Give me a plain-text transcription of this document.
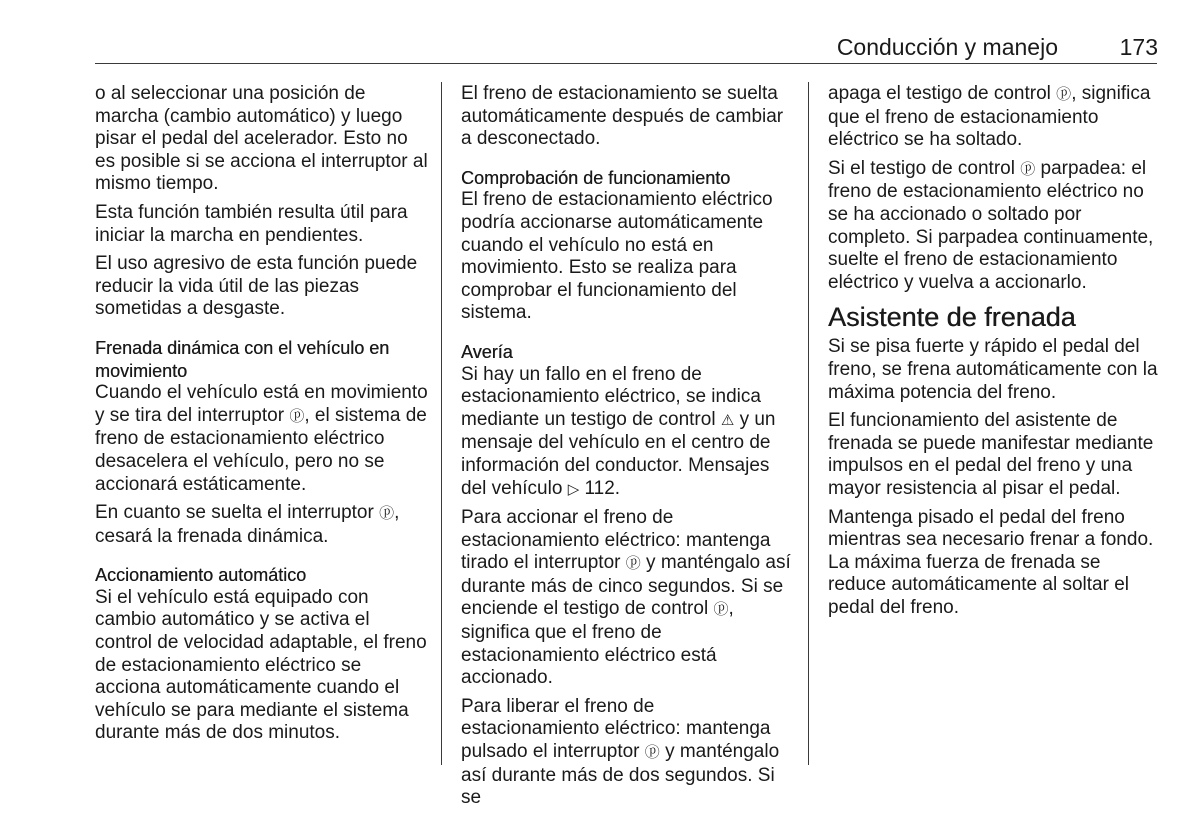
Conducción y manejo	173

o al seleccionar una posición de marcha (cambio automático) y luego pisar el pedal del acelerador. Esto no es posible si se acciona el interruptor al mismo tiempo.

Esta función también resulta útil para iniciar la marcha en pendientes.

El uso agresivo de esta función puede reducir la vida útil de las piezas sometidas a desgaste.

Frenada dinámica con el vehículo en movimiento

Cuando el vehículo está en movimiento y se tira del interruptor ⓟ, el sistema de freno de estacionamiento eléctrico desacelera el vehículo, pero no se accionará estáticamente.

En cuanto se suelta el interruptor ⓟ, cesará la frenada dinámica.

Accionamiento automático

Si el vehículo está equipado con cambio automático y se activa el control de velocidad adaptable, el freno de estacionamiento eléctrico se acciona automáticamente cuando el vehículo se para mediante el sistema durante más de dos minutos.

El freno de estacionamiento se suelta automáticamente después de cambiar a desconectado.

Comprobación de funcionamiento

El freno de estacionamiento eléctrico podría accionarse automáticamente cuando el vehículo no está en movimiento. Esto se realiza para comprobar el funcionamiento del sistema.

Avería

Si hay un fallo en el freno de estacionamiento eléctrico, se indica mediante un testigo de control ⚠ y un mensaje del vehículo en el centro de información del conductor. Mensajes del vehículo ▷ 112.

Para accionar el freno de estacionamiento eléctrico: mantenga tirado el interruptor ⓟ y manténgalo así durante más de cinco segundos. Si se enciende el testigo de control ⓟ, significa que el freno de estacionamiento eléctrico está accionado.

Para liberar el freno de estacionamiento eléctrico: mantenga pulsado el interruptor ⓟ y manténgalo así durante más de dos segundos. Si se

apaga el testigo de control ⓟ, significa que el freno de estacionamiento eléctrico se ha soltado.

Si el testigo de control ⓟ parpadea: el freno de estacionamiento eléctrico no se ha accionado o soltado por completo. Si parpadea continuamente, suelte el freno de estacionamiento eléctrico y vuelva a accionarlo.

Asistente de frenada

Si se pisa fuerte y rápido el pedal del freno, se frena automáticamente con la máxima potencia del freno.

El funcionamiento del asistente de frenada se puede manifestar mediante impulsos en el pedal del freno y una mayor resistencia al pisar el pedal.

Mantenga pisado el pedal del freno mientras sea necesario frenar a fondo. La máxima fuerza de frenada se reduce automáticamente al soltar el pedal del freno.
